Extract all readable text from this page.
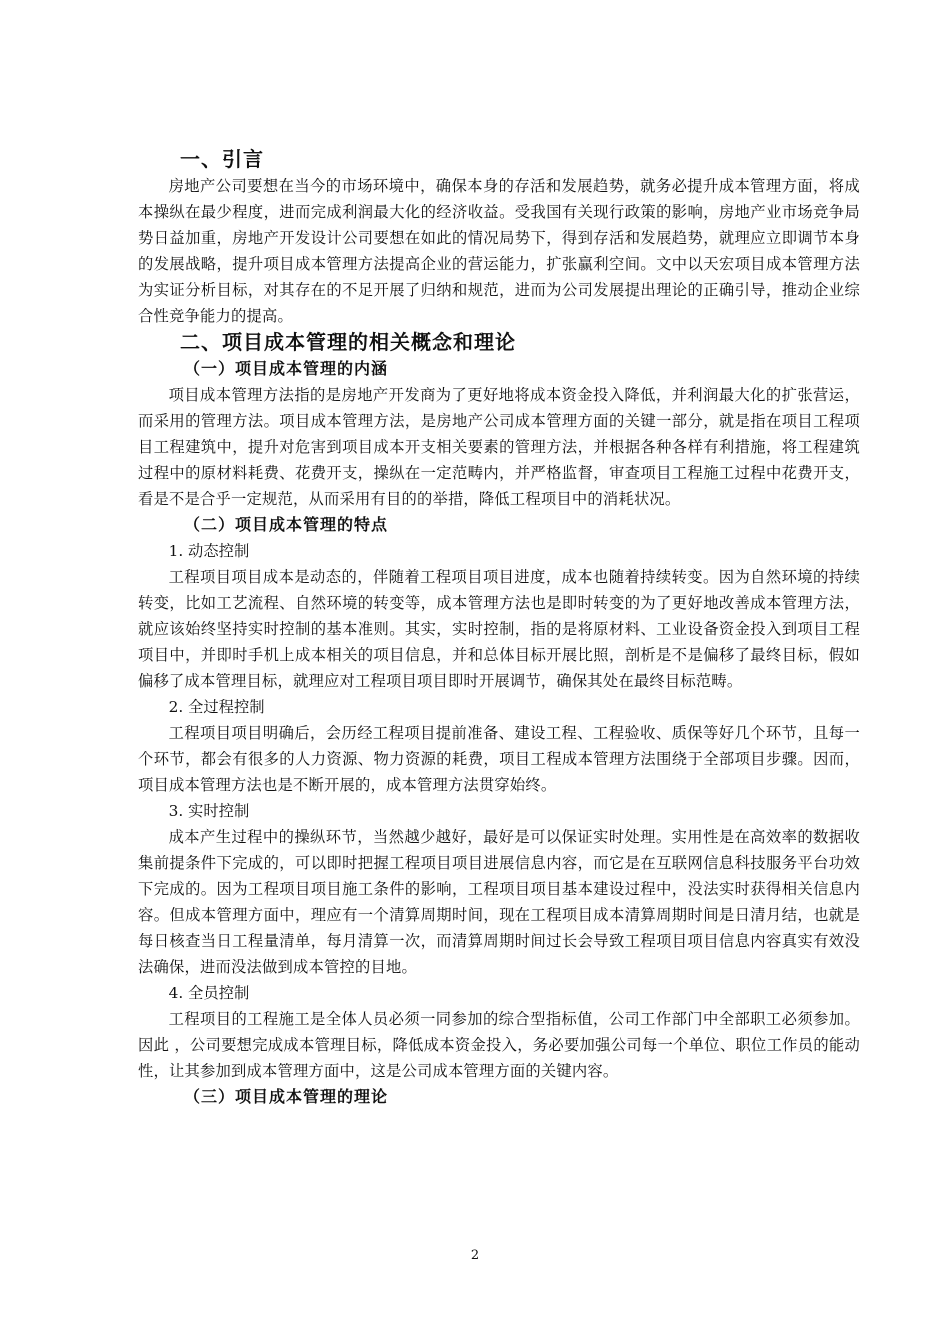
一、引言

房地产公司要想在当今的市场环境中，确保本身的存活和发展趋势，就务必提升成本管理方面，将成本操纵在最少程度，进而完成利润最大化的经济收益。受我国有关现行政策的影响，房地产业市场竞争局势日益加重，房地产开发设计公司要想在如此的情况局势下，得到存活和发展趋势，就理应立即调节本身的发展战略，提升项目成本管理方法提高企业的营运能力，扩张赢利空间。文中以天宏项目成本管理方法为实证分析目标，对其存在的不足开展了归纳和规范，进而为公司发展提出理论的正确引导，推动企业综合性竞争能力的提高。

二、项目成本管理的相关概念和理论
（一）项目成本管理的内涵

项目成本管理方法指的是房地产开发商为了更好地将成本资金投入降低，并利润最大化的扩张营运，而采用的管理方法。项目成本管理方法，是房地产公司成本管理方面的关键一部分，就是指在项目工程项目工程建筑中，提升对危害到项目成本开支相关要素的管理方法，并根据各种各样有利措施，将工程建筑过程中的原材料耗费、花费开支，操纵在一定范畴内，并严格监督，审查项目工程施工过程中花费开支，看是不是合乎一定规范，从而采用有目的的举措，降低工程项目中的消耗状况。

（二）项目成本管理的特点

1. 动态控制

工程项目项目成本是动态的，伴随着工程项目项目进度，成本也随着持续转变。因为自然环境的持续转变，比如工艺流程、自然环境的转变等，成本管理方法也是即时转变的为了更好地改善成本管理方法，就应该始终坚持实时控制的基本准则。其实，实时控制，指的是将原材料、工业设备资金投入到项目工程项目中，并即时手机上成本相关的项目信息，并和总体目标开展比照，剖析是不是偏移了最终目标，假如偏移了成本管理目标，就理应对工程项目项目即时开展调节，确保其处在最终目标范畴。

2. 全过程控制

工程项目项目明确后，会历经工程项目提前准备、建设工程、工程验收、质保等好几个环节，且每一个环节，都会有很多的人力资源、物力资源的耗费，项目工程成本管理方法围绕于全部项目步骤。因而，项目成本管理方法也是不断开展的，成本管理方法贯穿始终。

3. 实时控制

成本产生过程中的操纵环节，当然越少越好，最好是可以保证实时处理。实用性是在高效率的数据收集前提条件下完成的，可以即时把握工程项目项目进展信息内容，而它是在互联网信息科技服务平台功效下完成的。因为工程项目项目施工条件的影响，工程项目项目基本建设过程中，没法实时获得相关信息内容。但成本管理方面中，理应有一个清算周期时间，现在工程项目成本清算周期时间是日清月结，也就是每日核查当日工程量清单，每月清算一次，而清算周期时间过长会导致工程项目项目信息内容真实有效没法确保，进而没法做到成本管控的目地。

4. 全员控制

工程项目的工程施工是全体人员必须一同参加的综合型指标值，公司工作部门中全部职工必须参加。因此 ，公司要想完成成本管理目标，降低成本资金投入，务必要加强公司每一个单位、职位工作员的能动性，让其参加到成本管理方面中，这是公司成本管理方面的关键内容。

（三）项目成本管理的理论
2
